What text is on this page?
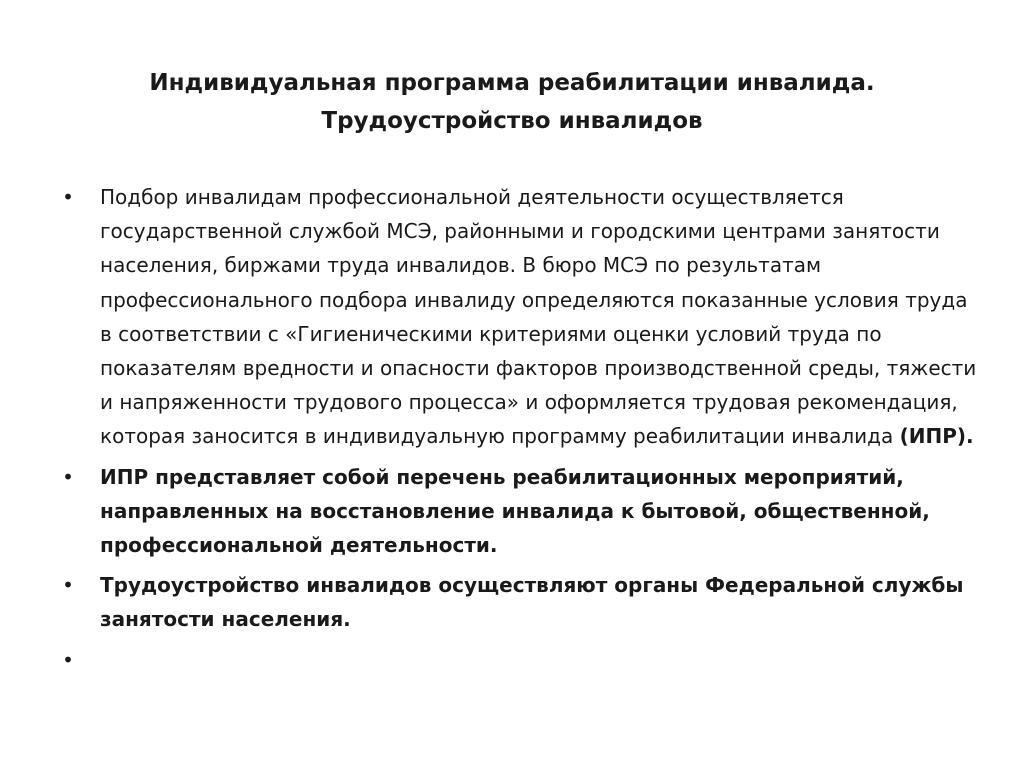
Индивидуальная программа реабилитации инвалида.
Трудоустройство инвалидов
• Подбор инвалидам профессиональной деятельности осуществляется государственной службой МСЭ, районными и городскими центрами занятости населения, биржами труда инвалидов. В бюро МСЭ по результатам профессионального подбора инвалиду определяются показанные условия труда в соответствии с «Гигиеническими критериями оценки условий труда по показателям вредности и опасности факторов производственной среды, тяжести и напряженности трудового процесса» и оформляется трудовая рекомендация, которая заносится в индивидуальную программу реабилитации инвалида (ИПР).
• ИПР представляет собой перечень реабилитационных мероприятий, направленных на восстановление инвалида к бытовой, общественной, профессиональной деятельности.
• Трудоустройство инвалидов осуществляют органы Федеральной службы занятости населения.
•
